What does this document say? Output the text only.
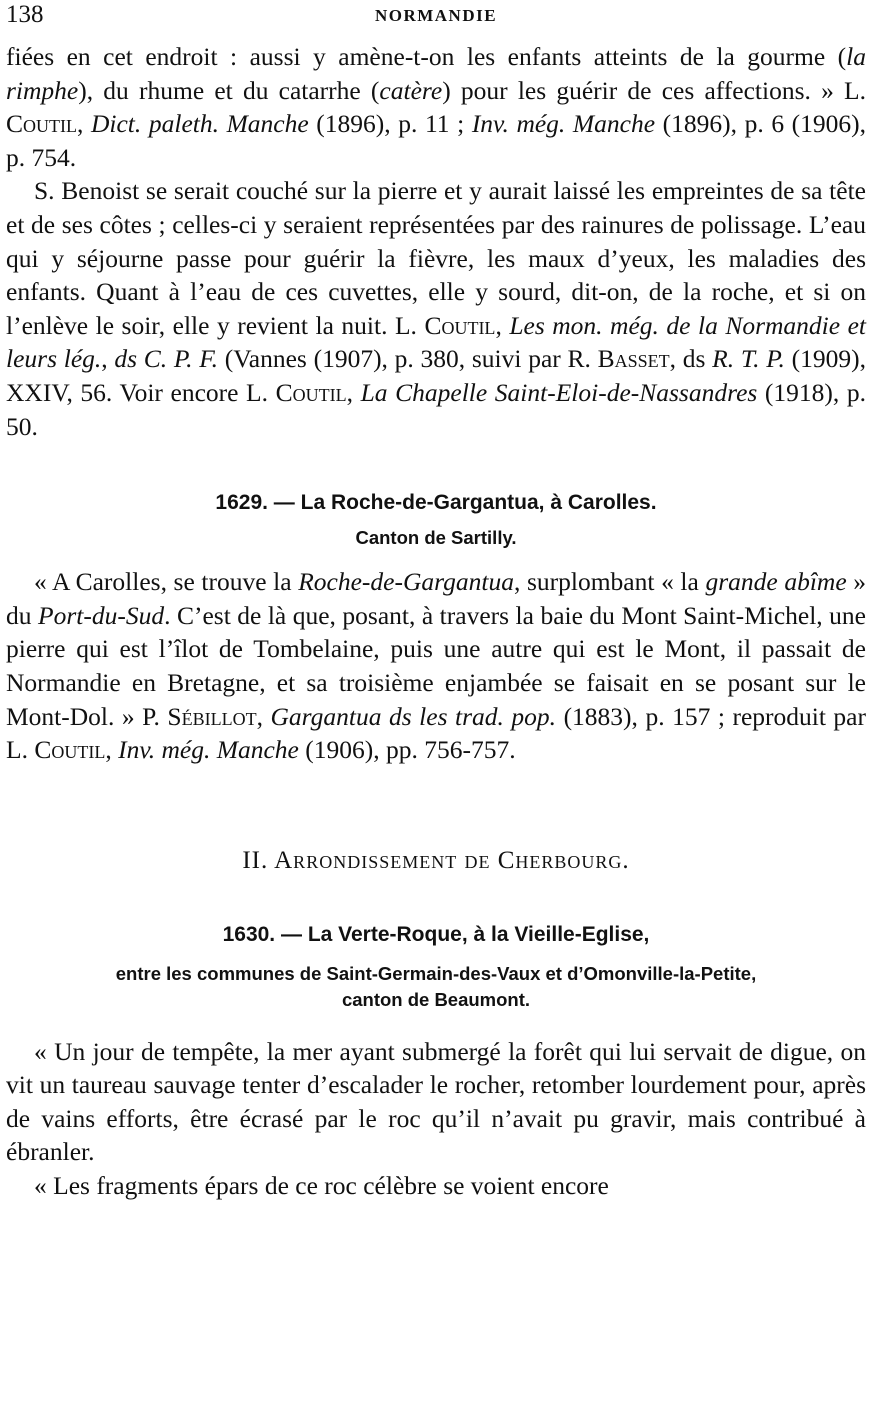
138	NORMANDIE

fiées en cet endroit : aussi y amène-t-on les enfants atteints de la gourme (la rimphe), du rhume et du catarrhe (catère) pour les guérir de ces affections. » L. Coutil, Dict. paleth. Manche (1896), p. 11 ; Inv. még. Manche (1896), p. 6 (1906), p. 754.

S. Benoist se serait couché sur la pierre et y aurait laissé les empreintes de sa tête et de ses côtes ; celles-ci y seraient représentées par des rainures de polissage. L’eau qui y séjourne passe pour guérir la fièvre, les maux d’yeux, les maladies des enfants. Quant à l’eau de ces cuvettes, elle y sourd, dit-on, de la roche, et si on l’enlève le soir, elle y revient la nuit. L. Coutil, Les mon. még. de la Normandie et leurs lég., ds C. P. F. (Vannes (1907), p. 380, suivi par R. Basset, ds R. T. P. (1909), XXIV, 56. Voir encore L. Coutil, La Chapelle Saint-Eloi-de-Nassandres (1918), p. 50.

1629. — La Roche-de-Gargantua, à Carolles.

Canton de Sartilly.

« A Carolles, se trouve la Roche-de-Gargantua, surplombant « la grande abîme » du Port-du-Sud. C’est de là que, posant, à travers la baie du Mont Saint-Michel, une pierre qui est l’îlot de Tombelaine, puis une autre qui est le Mont, il passait de Normandie en Bretagne, et sa troisième enjambée se faisait en se posant sur le Mont-Dol. » P. Sébillot, Gargantua ds les trad. pop. (1883), p. 157 ; reproduit par L. Coutil, Inv. még. Manche (1906), pp. 756-757.

II. Arrondissement de Cherbourg.

1630. — La Verte-Roque, à la Vieille-Eglise,

entre les communes de Saint-Germain-des-Vaux et d’Omonville-la-Petite,

canton de Beaumont.

« Un jour de tempête, la mer ayant submergé la forêt qui lui servait de digue, on vit un taureau sauvage tenter d’escalader le rocher, retomber lourdement pour, après de vains efforts, être écrasé par le roc qu’il n’avait pu gravir, mais contribué à ébranler.

« Les fragments épars de ce roc célèbre se voient encore
